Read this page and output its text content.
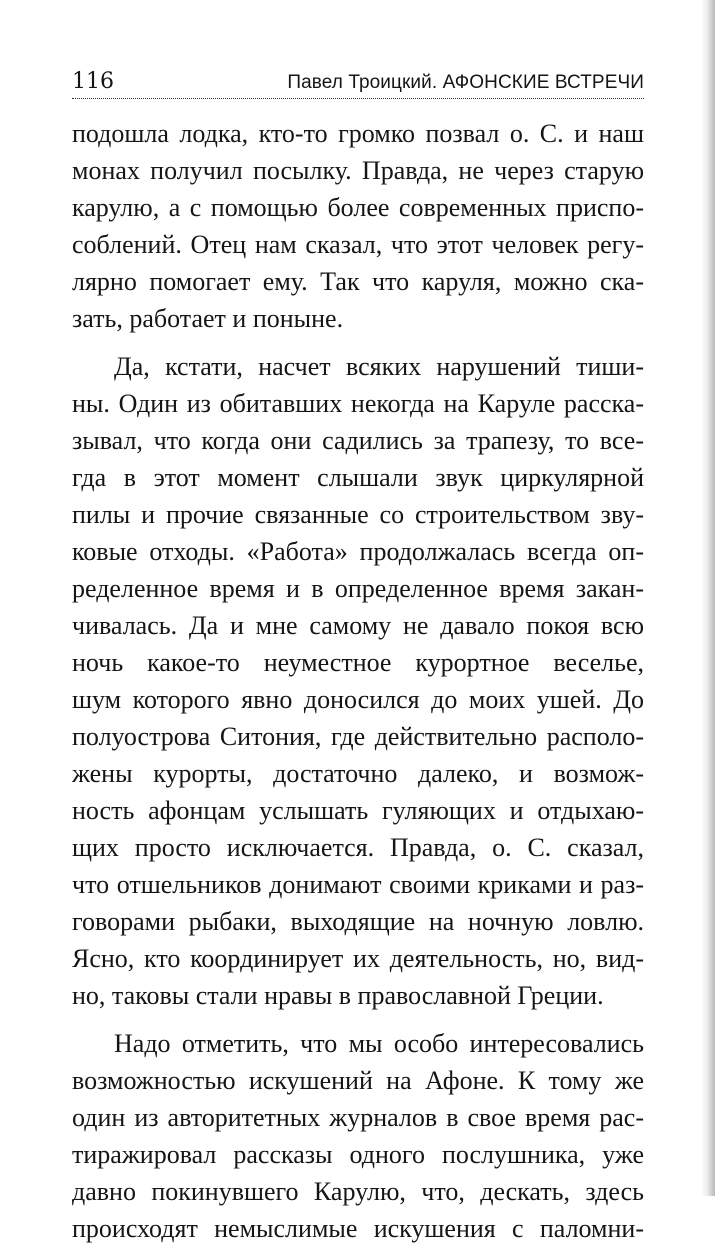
116	Павел Троицкий. АФОНСКИЕ ВСТРЕЧИ
подошла лодка, кто-то громко позвал о. С. и наш
монах получил посылку. Правда, не через старую
карулю, а с помощью более современных приспо-
соблений. Отец нам сказал, что этот человек регу-
лярно помогает ему. Так что каруля, можно ска-
зать, работает и поныне.
Да, кстати, насчет всяких нарушений тиши-
ны. Один из обитавших некогда на Каруле расска-
зывал, что когда они садились за трапезу, то все-
гда в этот момент слышали звук циркулярной
пилы и прочие связанные со строительством зву-
ковые отходы. «Работа» продолжалась всегда оп-
ределенное время и в определенное время закан-
чивалась. Да и мне самому не давало покоя всю
ночь какое-то неуместное курортное веселье,
шум которого явно доносился до моих ушей. До
полуострова Ситония, где действительно располо-
жены курорты, достаточно далеко, и возмож-
ность афонцам услышать гуляющих и отдыхаю-
щих просто исключается. Правда, о. С. сказал,
что отшельников донимают своими криками и раз-
говорами рыбаки, выходящие на ночную ловлю.
Ясно, кто координирует их деятельность, но, вид-
но, таковы стали нравы в православной Греции.
Надо отметить, что мы особо интересовались
возможностью искушений на Афоне. К тому же
один из авторитетных журналов в свое время рас-
тиражировал рассказы одного послушника, уже
давно покинувшего Карулю, что, дескать, здесь
происходят немыслимые искушения с паломни-
